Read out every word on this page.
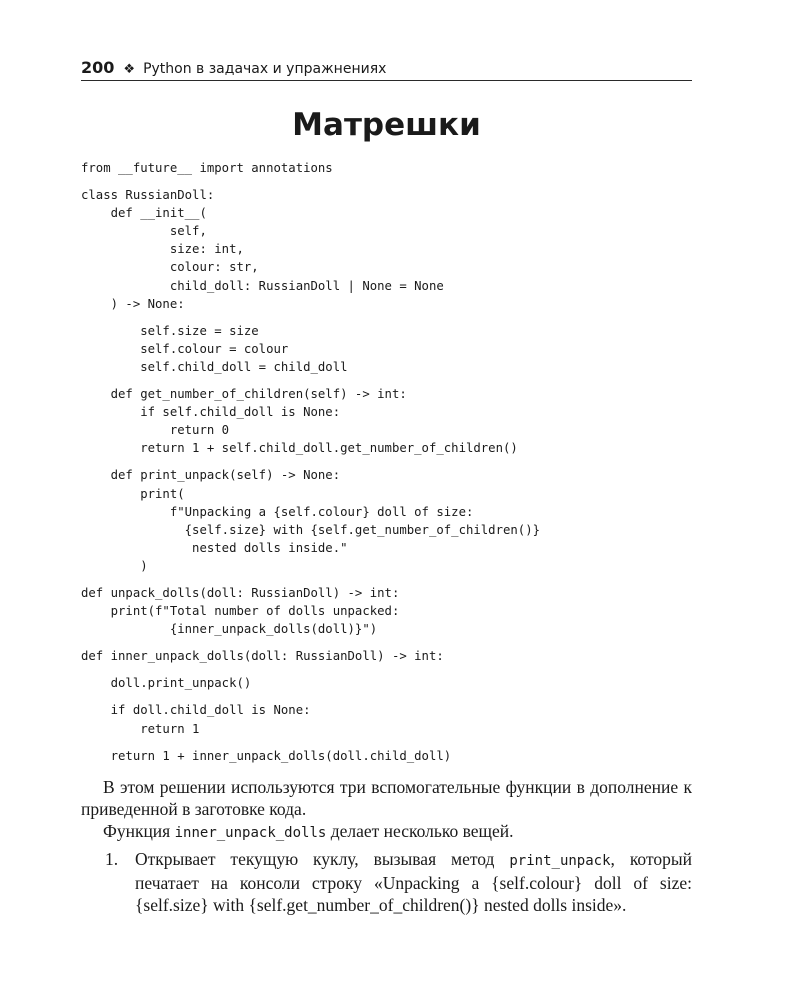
200 ❖ Python в задачах и упражнениях
Матрешки
from __future__ import annotations

class RussianDoll:
def __init__(
self,
size: int,
colour: str,
child_doll: RussianDoll | None = None
) -> None:

self.size = size
self.colour = colour
self.child_doll = child_doll

def get_number_of_children(self) -> int:
if self.child_doll is None:
return 0
return 1 + self.child_doll.get_number_of_children()

def print_unpack(self) -> None:
print(
f"Unpacking a {self.colour} doll of size:
{self.size} with {self.get_number_of_children()}
nested dolls inside."
)

def unpack_dolls(doll: RussianDoll) -> int:
print(f"Total number of dolls unpacked:
{inner_unpack_dolls(doll)}")

def inner_unpack_dolls(doll: RussianDoll) -> int:

doll.print_unpack()

if doll.child_doll is None:
return 1

return 1 + inner_unpack_dolls(doll.child_doll)

В этом решении используются три вспомогательные функции в дополнение к приведенной в заготовке кода.

Функция inner_unpack_dolls делает несколько вещей.

1. Открывает текущую куклу, вызывая метод print_unpack, который печатает на консоли строку «Unpacking a {self.colour} doll of size: {self.size} with {self.get_number_of_children()} nested dolls inside».
